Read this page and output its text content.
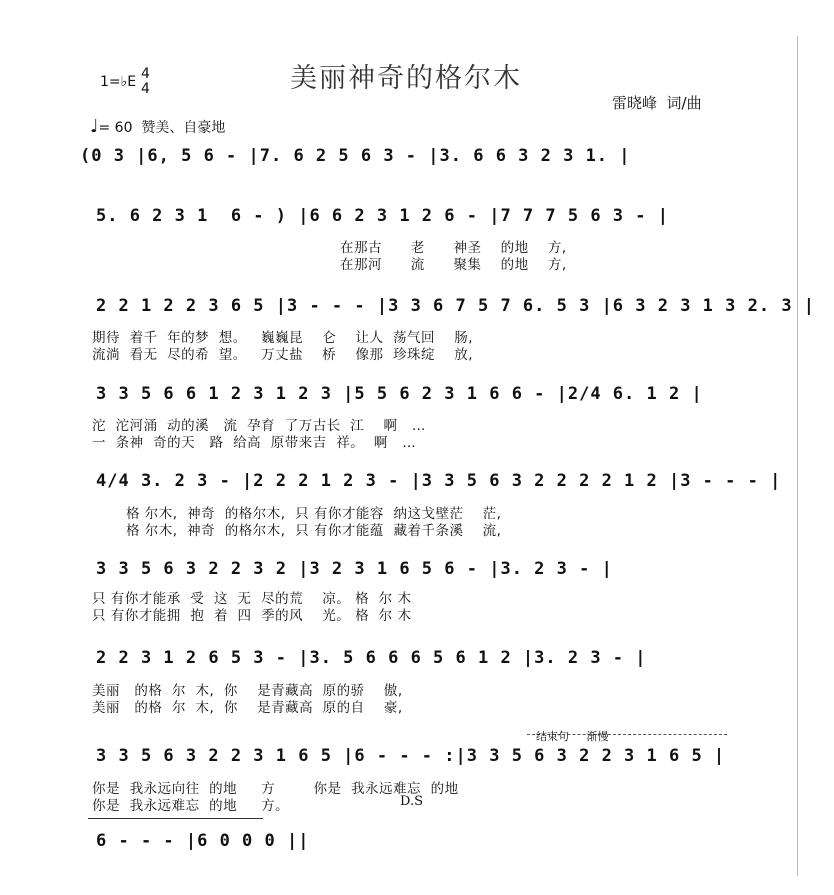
美丽神奇的格尔木
1=♭E 4
4
雷晓峰  词/曲
♩= 60 赞美、自豪地
(0 3 |6, 5 6 - |7. 6 2 5 6 3 - |3. 6 6 3 2 3 1. |
5. 6 2 3 1  6 - ) |6 6 2 3 1 2 6 - |7 7 7 5 6 3 - |
在那古      老      神圣    的地    方,
在那河      流      聚集    的地    方,
2 2 1 2 2 3 6 5 |3 - - - |3 3 6 7 5 7 6. 5 3 |6 3 2 3 1 3 2. 3 |
期待  着千  年的梦  想。   巍巍昆    仑    让人  荡气回    肠,
流淌  看无  尽的希  望。   万丈盐    桥    像那  珍珠绽    放,
3 3 5 6 6 1 2 3 1 2 3 |5 5 6 2 3 1 6 6 - |2/4 6. 1 2 |
沱  沱河涌  动的溪   流  孕育  了万古长  江    啊   …
一  条神  奇的天   路  给高  原带来吉  祥。  啊   …
4/4 3. 2 3 - |2 2 2 1 2 3 - |3 3 5 6 3 2 2 2 2 1 2 |3 - - - |
格 尔木,  神奇  的格尔木,  只 有你才能容  纳这戈壁茫    茫,
格 尔木,  神奇  的格尔木,  只 有你才能蕴  藏着千条溪    流,
3 3 5 6 3 2 2 3 2 |3 2 3 1 6 5 6 - |3. 2 3 - |
只 有你才能承  受  这  无  尽的荒    凉。 格  尔 木
只 有你才能拥  抱  着  四  季的风    光。 格  尔 木
2 2 3 1 2 6 5 3 - |3. 5 6 6 6 5 6 1 2 |3. 2 3 - |
美丽   的格  尔  木,  你    是青藏高  原的骄    傲,
美丽   的格  尔  木,  你    是青藏高  原的自    豪,
结束句     渐慢
3 3 5 6 3 2 2 3 1 6 5 |6 - - - :|3 3 5 6 3 2 2 3 1 6 5 |
你是  我永远向往  的地     方        你是  我永远难忘  的地
你是  我永远难忘  的地     方。	D.S
6 - - - |6 0 0 0 ||
